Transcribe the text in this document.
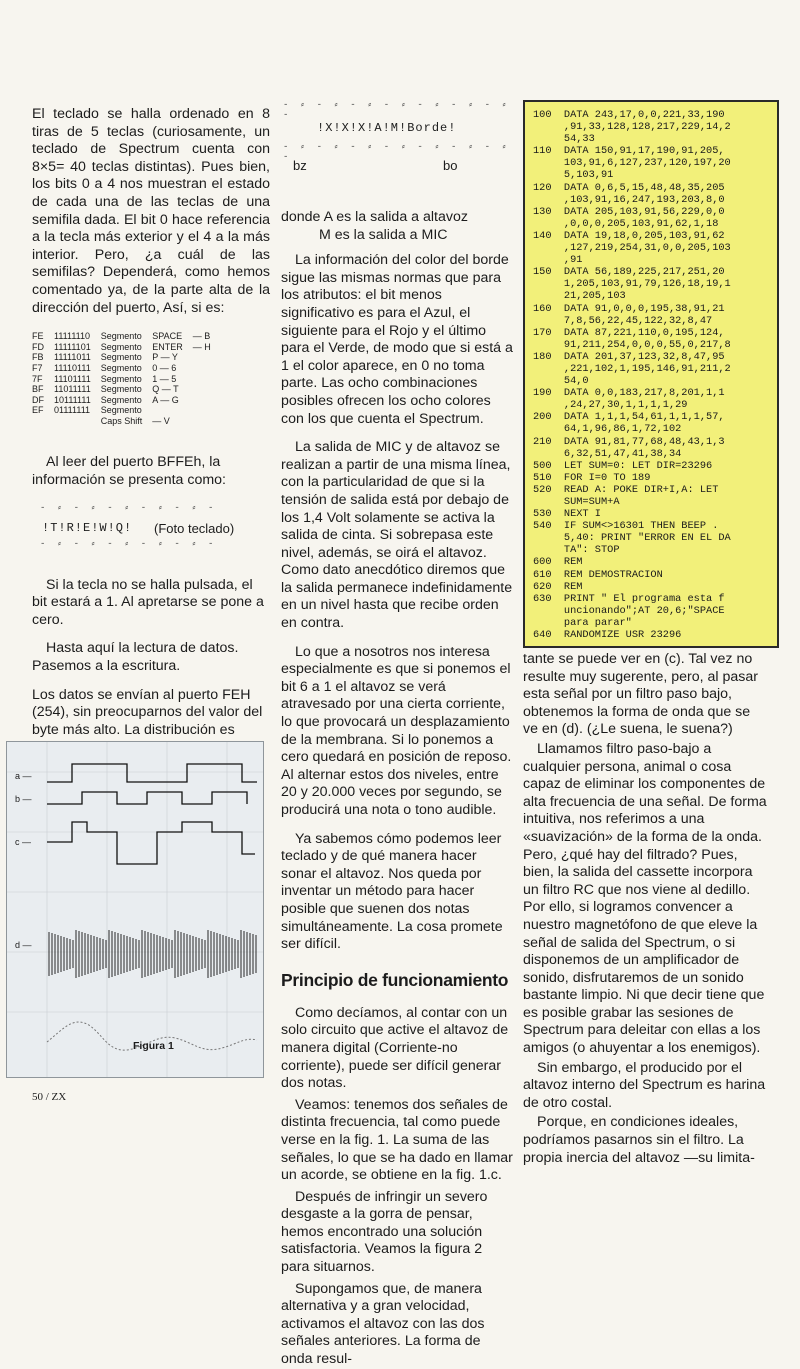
El teclado se halla ordenado en 8 tiras de 5 teclas (curiosamente, un teclado de Spectrum cuenta con 8×5= 40 teclas distintas). Pues bien, los bits 0 a 4 nos muestran el estado de cada una de las teclas de una semifila dada. El bit 0 hace referencia a la tecla más exterior y el 4 a la más interior. Pero, ¿a cuál de las semifilas? Dependerá, como hemos comentado ya, de la parte alta de la dirección del puerto, Así, si es:

FE	11111110	Segmento	SPACE	— B
FD	11111101	Segmento	ENTER	— H
FB	11111011	Segmento	P — Y	
F7	11110111	Segmento	0 — 6	
7F	11101111	Segmento	1 — 5	
BF	11011111	Segmento	Q — T	
DF	10111111	Segmento	A — G	
EF	01111111	Segmento		
		Caps Shift	— V	

Al leer del puerto BFFEh, la información se presenta como:

- ⸗ - ⸗ - ⸗ - ⸗ - ⸗ -
!T!R!E!W!Q! (Foto teclado)
- ⸗ - ⸗ - ⸗ - ⸗ - ⸗ -

Si la tecla no se halla pulsada, el bit estará a 1. Al apretarse se pone a cero.

Hasta aquí la lectura de datos. Pasemos a la escritura.

Los datos se envían al puerto FEH (254), sin preocuparnos del valor del byte más alto. La distribución es

a —
b —
c —
d —
Figura 1
- ⸗ - ⸗ - ⸗ - ⸗ - ⸗ - ⸗ - ⸗ -
!X!X!X!A!M!Borde!
- ⸗ - ⸗ - ⸗ - ⸗ - ⸗ - ⸗ - ⸗ -
bz	bo

donde A es la salida a altavoz

M es la salida a MIC

La información del color del borde sigue las mismas normas que para los atributos: el bit menos significativo es para el Azul, el siguiente para el Rojo y el último para el Verde, de modo que si está a 1 el color aparece, en 0 no toma parte. Las ocho combinaciones posibles ofrecen los ocho colores con los que cuenta el Spectrum.

La salida de MIC y de altavoz se realizan a partir de una misma línea, con la particularidad de que si la tensión de salida está por debajo de los 1,4 Volt solamente se activa la salida de cinta. Si sobrepasa este nivel, además, se oirá el altavoz. Como dato anecdótico diremos que la salida permanece indefinidamente en un nivel hasta que recibe orden en contra.

Lo que a nosotros nos interesa especialmente es que si ponemos el bit 6 a 1 el altavoz se verá atravesado por una cierta corriente, lo que provocará un desplazamiento de la membrana. Si lo ponemos a cero quedará en posición de reposo. Al alternar estos dos niveles, entre 20 y 20.000 veces por segundo, se producirá una nota o tono audible.

Ya sabemos cómo podemos leer teclado y de qué manera hacer sonar el altavoz. Nos queda por inventar un método para hacer posible que suenen dos notas simultáneamente. La cosa promete ser difícil.

Principio de funcionamiento

Como decíamos, al contar con un solo circuito que active el altavoz de manera digital (Corriente-no corriente), puede ser difícil generar dos notas.

Veamos: tenemos dos señales de distinta frecuencia, tal como puede verse en la fig. 1. La suma de las señales, lo que se ha dado en llamar un acorde, se obtiene en la fig. 1.c.

Después de infringir un severo desgaste a la gorra de pensar, hemos encontrado una solución satisfactoria. Veamos la figura 2 para situarnos.

Supongamos que, de manera alternativa y a gran velocidad, activamos el altavoz con las dos señales anteriores. La forma de onda resul-

100  DATA 243,17,0,0,221,33,190
,91,33,128,128,217,229,14,2
54,33
110  DATA 150,91,17,190,91,205,
103,91,6,127,237,120,197,20
5,103,91
120  DATA 0,6,5,15,48,48,35,205
,103,91,16,247,193,203,8,0
130  DATA 205,103,91,56,229,0,0
,0,0,0,205,103,91,62,1,18
140  DATA 19,18,0,205,103,91,62
,127,219,254,31,0,0,205,103
,91
150  DATA 56,189,225,217,251,20
1,205,103,91,79,126,18,19,1
21,205,103
160  DATA 91,0,0,0,195,38,91,21
7,8,56,22,45,122,32,8,47
170  DATA 87,221,110,0,195,124,
91,211,254,0,0,0,55,0,217,8
180  DATA 201,37,123,32,8,47,95
,221,102,1,195,146,91,211,2
54,0
190  DATA 0,0,183,217,8,201,1,1
,24,27,30,1,1,1,1,29
200  DATA 1,1,1,54,61,1,1,1,57,
64,1,96,86,1,72,102
210  DATA 91,81,77,68,48,43,1,3
6,32,51,47,41,38,34
500  LET SUM=0: LET DIR=23296
510  FOR I=0 TO 189
520  READ A: POKE DIR+I,A: LET
SUM=SUM+A
530  NEXT I
540  IF SUM<>16301 THEN BEEP .
5,40: PRINT "ERROR EN EL DA
TA": STOP
600  REM
610  REM DEMOSTRACION
620  REM
630  PRINT " El programa esta f
uncionando";AT 20,6;"SPACE
para parar"
640  RANDOMIZE USR 23296

tante se puede ver en (c). Tal vez no resulte muy sugerente, pero, al pasar esta señal por un filtro paso bajo, obtenemos la forma de onda que se ve en (d). (¿Le suena, le suena?)

Llamamos filtro paso-bajo a cualquier persona, animal o cosa capaz de eliminar los componentes de alta frecuencia de una señal. De forma intuitiva, nos referimos a una «suavización» de la forma de la onda. Pero, ¿qué hay del filtrado? Pues, bien, la salida del cassette incorpora un filtro RC que nos viene al dedillo. Por ello, si logramos convencer a nuestro magnetófono de que eleve la señal de salida del Spectrum, o si disponemos de un amplificador de sonido, disfrutaremos de un sonido bastante limpio. Ni que decir tiene que es posible grabar las sesiones de Spectrum para deleitar con ellas a los amigos (o ahuyentar a los enemigos).

Sin embargo, el producido por el altavoz interno del Spectrum es harina de otro costal.

Porque, en condiciones ideales, podríamos pasarnos sin el filtro. La propia inercia del altavoz —su limita-

50 / ZX
